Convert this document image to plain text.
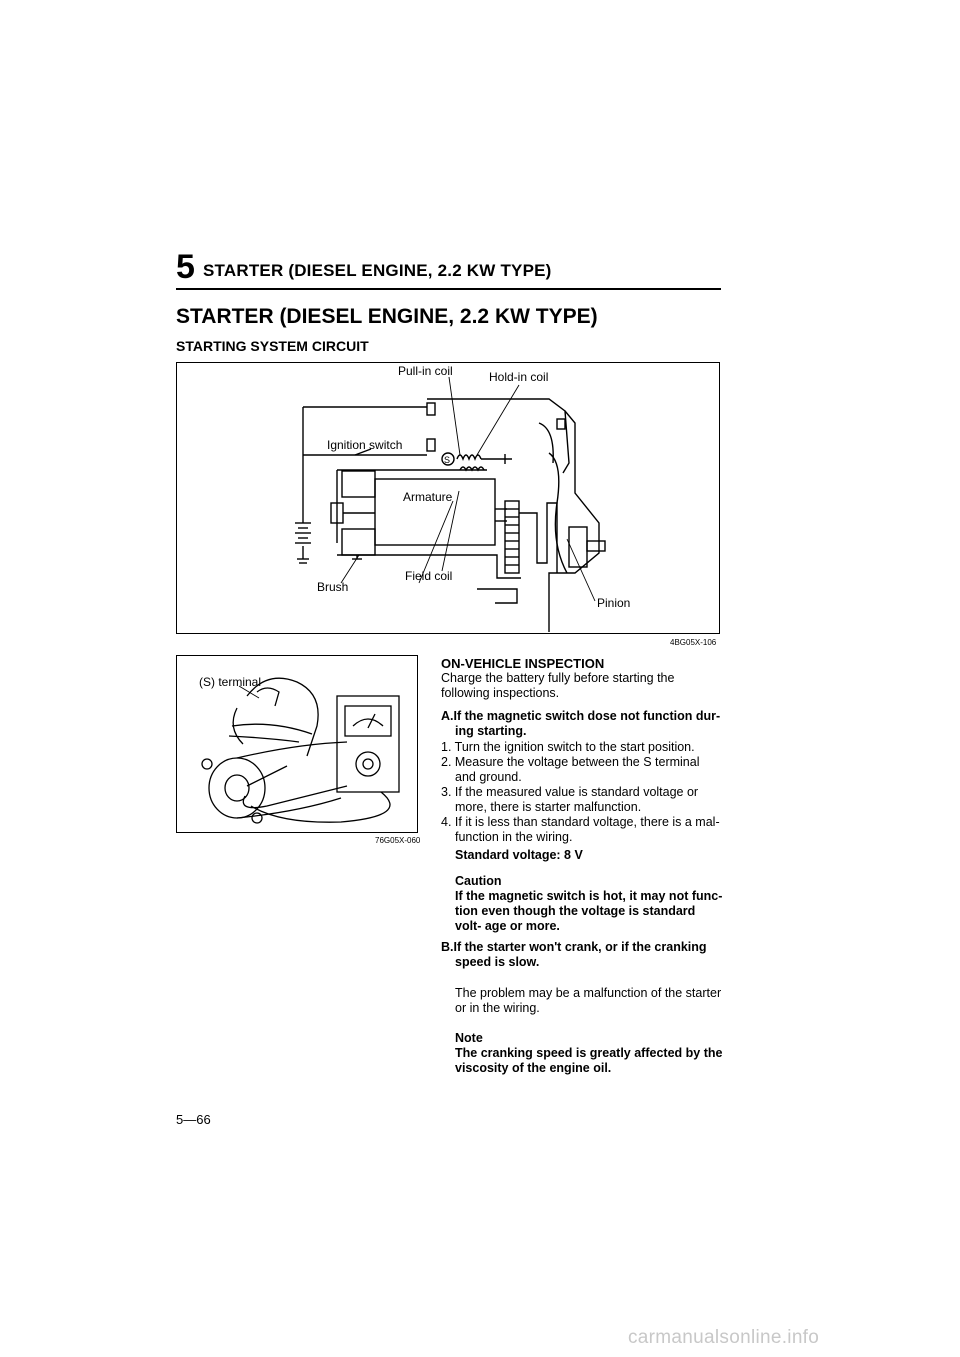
5 STARTER (DIESEL ENGINE, 2.2 KW TYPE)
STARTER (DIESEL ENGINE, 2.2 KW TYPE)
STARTING SYSTEM CIRCUIT
Pull-in coil	Hold-in coil
Ignition switch
Armature
Field coil
Brush
Pinion
S
4BG05X-106
(S) terminal
76G05X-060
ON-VEHICLE INSPECTION
Charge the battery fully before starting the following inspections.
A.If the magnetic switch dose not function dur- ing starting.
1. Turn the ignition switch to the start position.
2. Measure the voltage between the S terminal and ground.
3. If the measured value is standard voltage or more, there is starter malfunction.
4. If it is less than standard voltage, there is a mal- function in the wiring.
Standard voltage: 8 V
Caution
If the magnetic switch is hot, it may not func- tion even though the voltage is standard volt- age or more.
B.If the starter won't crank, or if the cranking speed is slow.
The problem may be a malfunction of the starter or in the wiring.
Note
The cranking speed is greatly affected by the viscosity of the engine oil.
5—66
carmanualsonline.info
